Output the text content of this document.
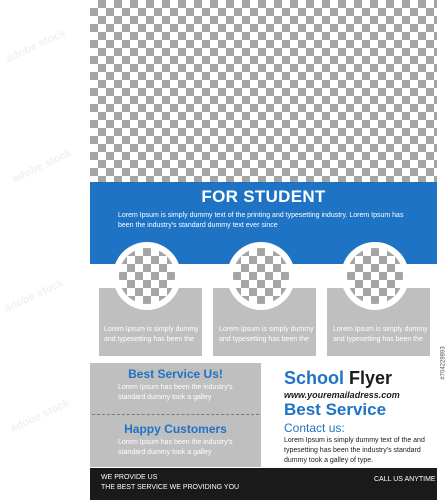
adobe stock
adobe stock
adobe stock
adobe stock
FOR STUDENT
Lorem Ipsum is simply dummy text of the printing and typesetting industry. Lorem Ipsum has been the industry's standard dummy text ever since
Lorem Ipsum is simply dummy and typesetting has been the
Lorem Ipsum is simply dummy and typesetting has been the
Lorem Ipsum is simply dummy and typesetting has been the
Best Service Us!
Lorem Ipsum has been the industry's standard dummy took a galley
Happy Customers
Lorem Ipsum has been the industry's standard dummy took a galley
School Flyer
www.youremailadress.com
Best Service
Contact us:
Lorem Ipsum is simply dummy text of the and typesetting has been the industry's standard dummy took a galley of type.
WE PROVIDE US
THE BEST SERVICE WE PROVIDING YOU
CALL US ANYTIME
#704229893
